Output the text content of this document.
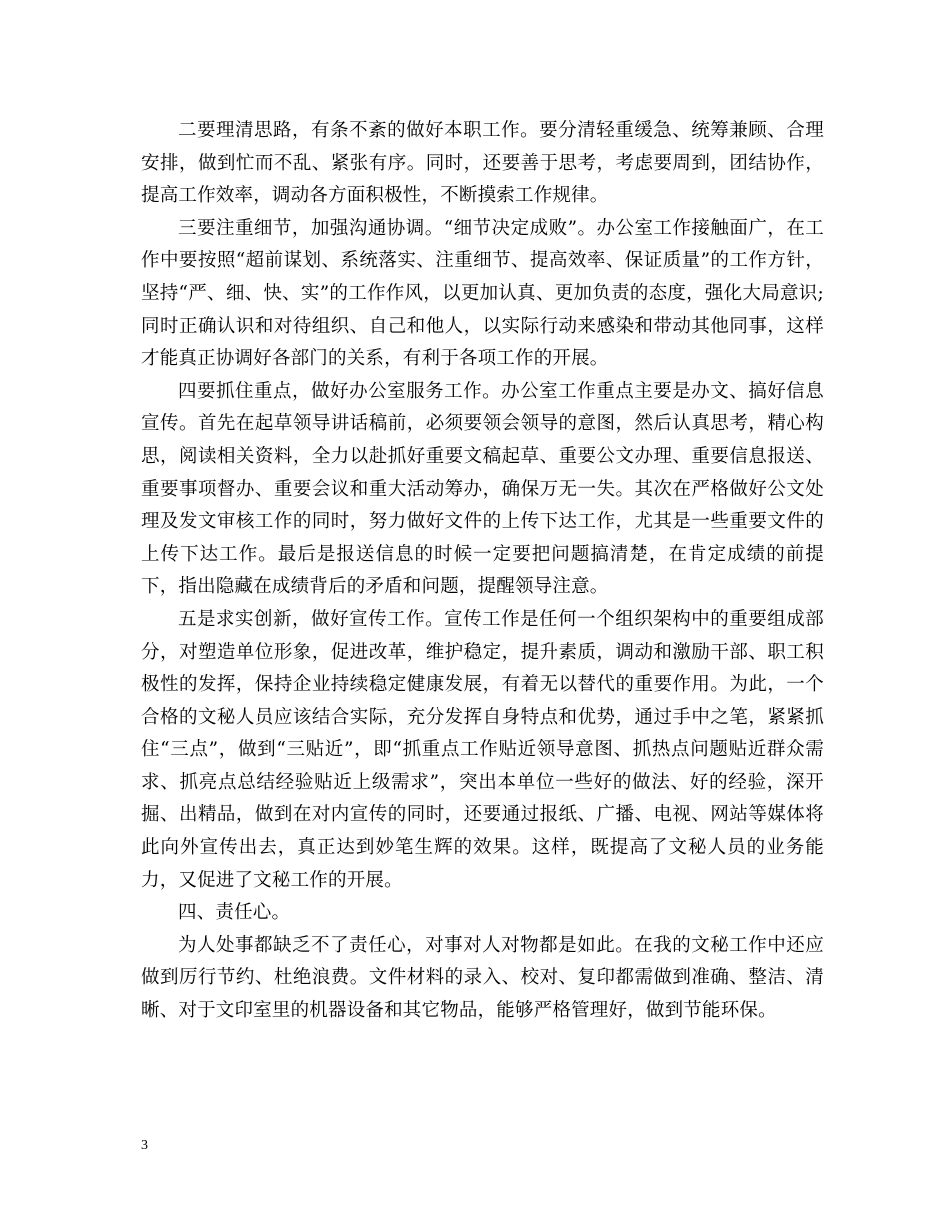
二要理清思路，有条不紊的做好本职工作。要分清轻重缓急、统筹兼顾、合理安排，做到忙而不乱、紧张有序。同时，还要善于思考，考虑要周到，团结协作，提高工作效率，调动各方面积极性，不断摸索工作规律。

三要注重细节，加强沟通协调。“细节决定成败”。办公室工作接触面广，在工作中要按照“超前谋划、系统落实、注重细节、提高效率、保证质量”的工作方针，坚持“严、细、快、实”的工作作风，以更加认真、更加负责的态度，强化大局意识;同时正确认识和对待组织、自己和他人，以实际行动来感染和带动其他同事，这样才能真正协调好各部门的关系，有利于各项工作的开展。

四要抓住重点，做好办公室服务工作。办公室工作重点主要是办文、搞好信息宣传。首先在起草领导讲话稿前，必须要领会领导的意图，然后认真思考，精心构思，阅读相关资料，全力以赴抓好重要文稿起草、重要公文办理、重要信息报送、重要事项督办、重要会议和重大活动筹办，确保万无一失。其次在严格做好公文处理及发文审核工作的同时，努力做好文件的上传下达工作，尤其是一些重要文件的上传下达工作。最后是报送信息的时候一定要把问题搞清楚，在肯定成绩的前提下，指出隐藏在成绩背后的矛盾和问题，提醒领导注意。

五是求实创新，做好宣传工作。宣传工作是任何一个组织架构中的重要组成部分，对塑造单位形象，促进改革，维护稳定，提升素质，调动和激励干部、职工积极性的发挥，保持企业持续稳定健康发展，有着无以替代的重要作用。为此，一个合格的文秘人员应该结合实际，充分发挥自身特点和优势，通过手中之笔，紧紧抓住“三点”，做到“三贴近”，即“抓重点工作贴近领导意图、抓热点问题贴近群众需求、抓亮点总结经验贴近上级需求”，突出本单位一些好的做法、好的经验，深开掘、出精品，做到在对内宣传的同时，还要通过报纸、广播、电视、网站等媒体将此向外宣传出去，真正达到妙笔生辉的效果。这样，既提高了文秘人员的业务能力，又促进了文秘工作的开展。

四、责任心。

为人处事都缺乏不了责任心，对事对人对物都是如此。在我的文秘工作中还应做到厉行节约、杜绝浪费。文件材料的录入、校对、复印都需做到准确、整洁、清晰、对于文印室里的机器设备和其它物品，能够严格管理好，做到节能环保。

3
